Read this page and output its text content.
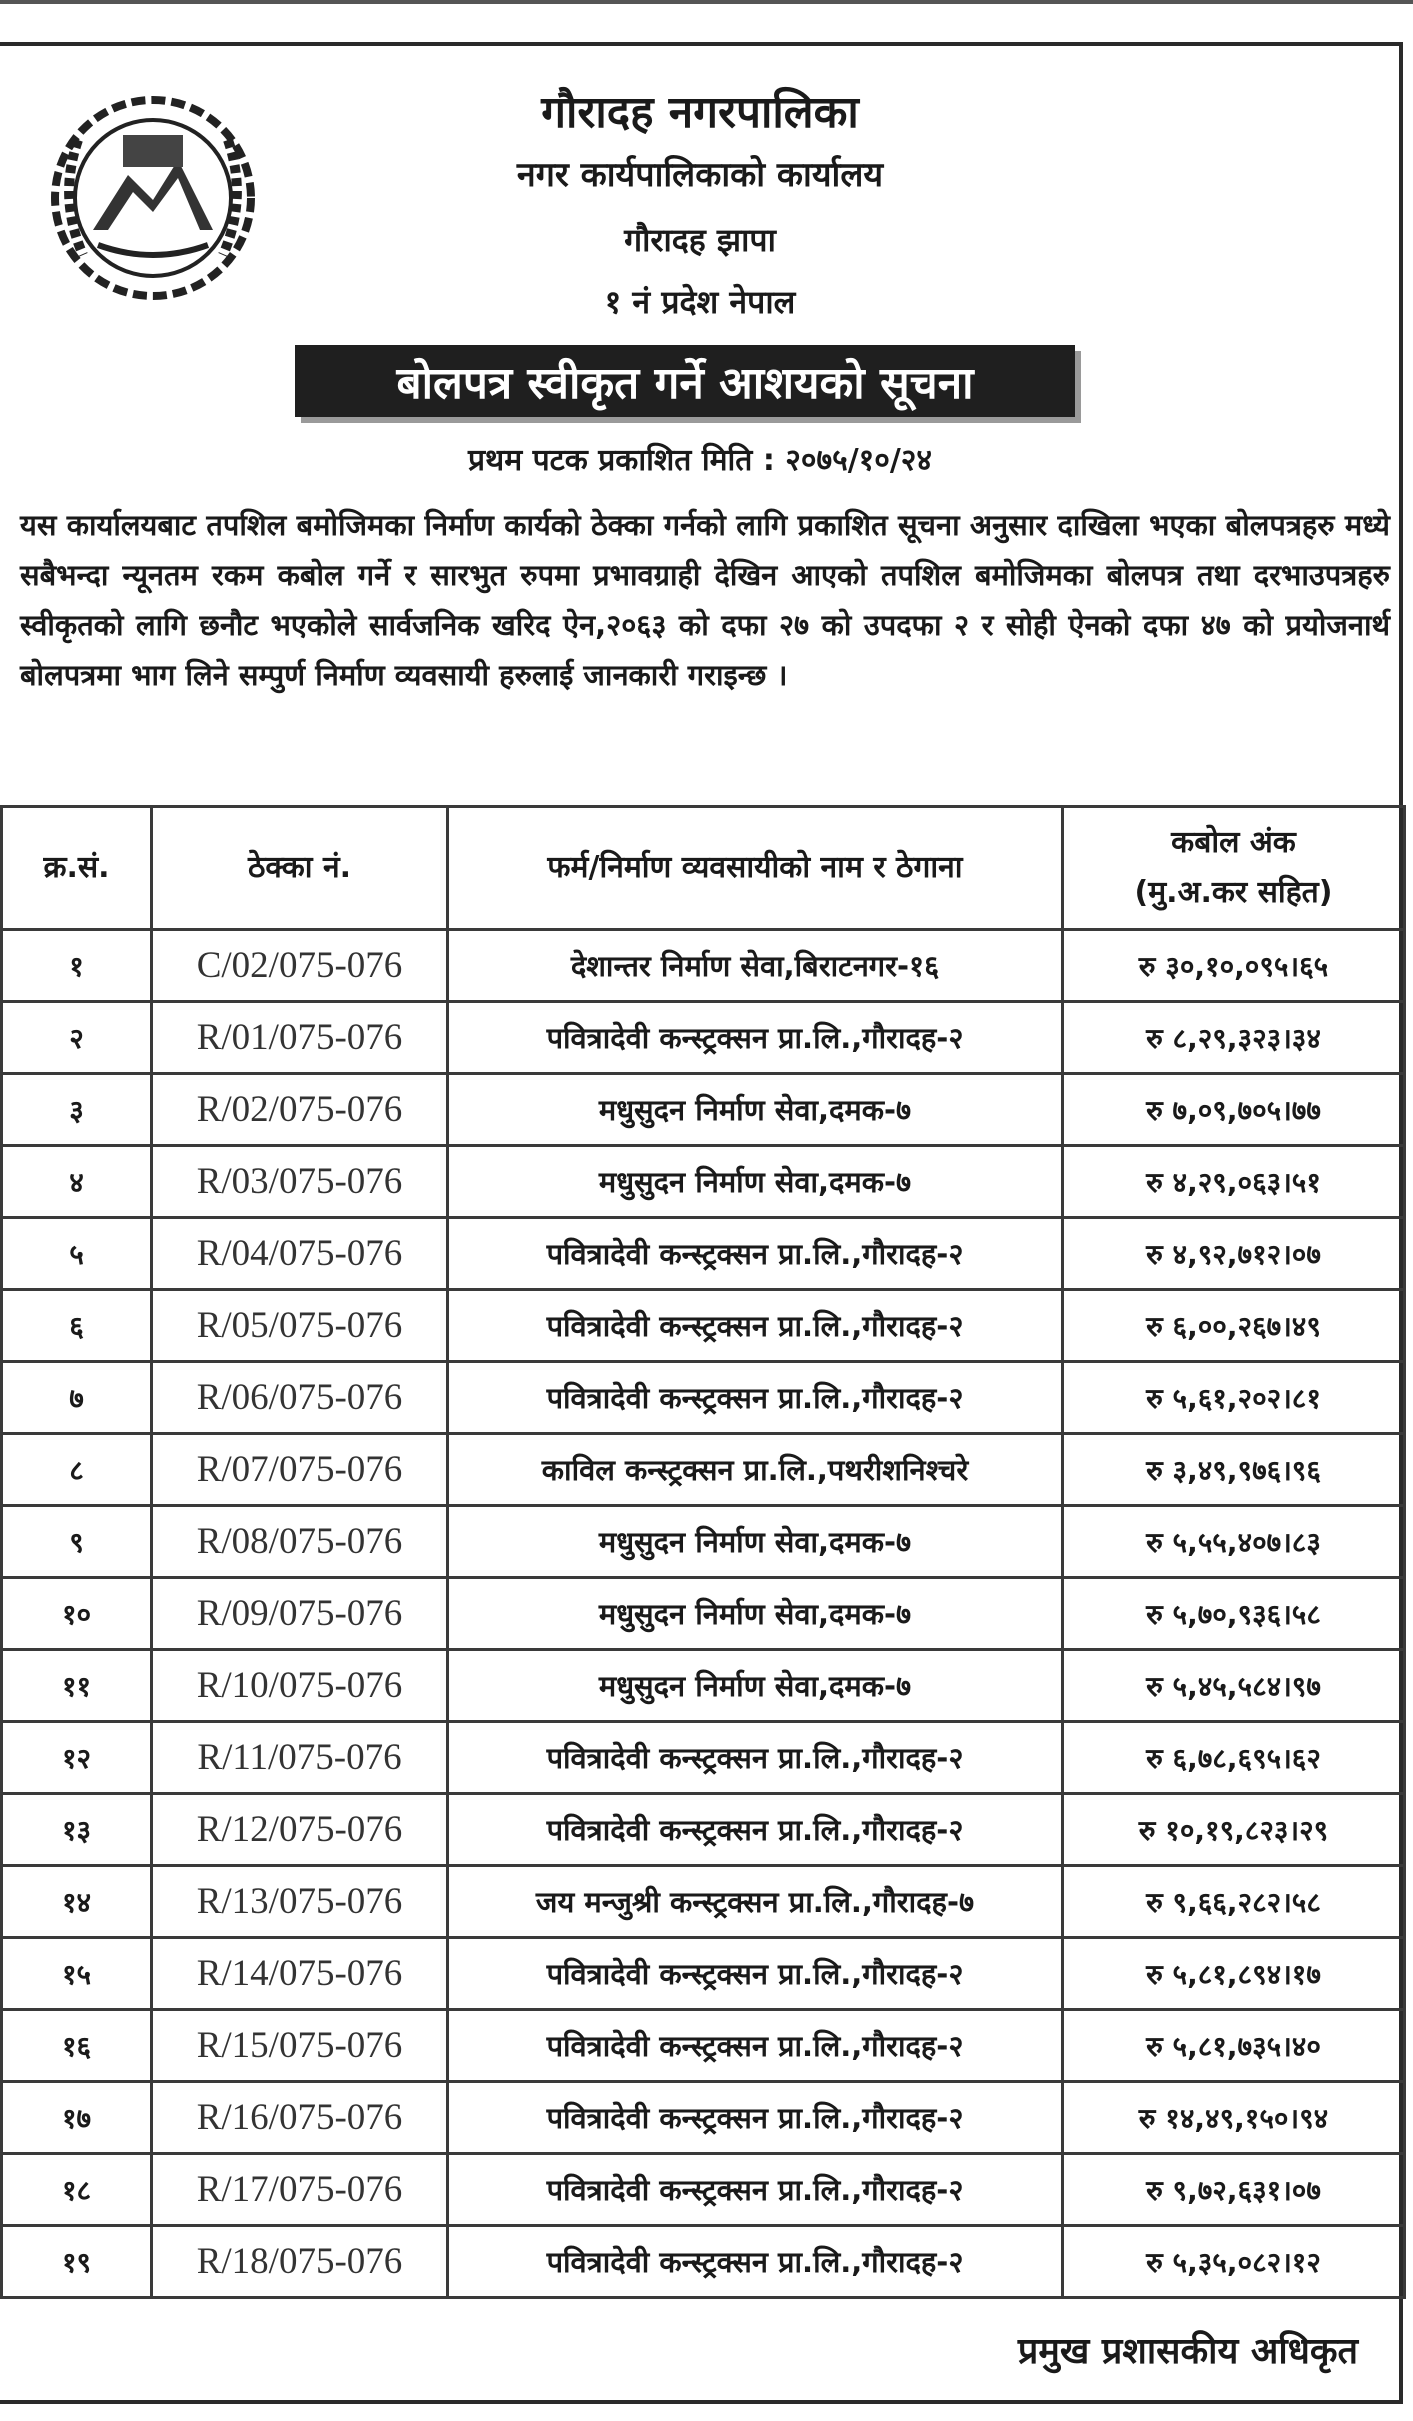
गौरादह नगरपालिका
नगर कार्यपालिकाको कार्यालय
गौरादह झापा
१ नं प्रदेश नेपाल
बोलपत्र स्वीकृत गर्ने आशयको सूचना
प्रथम पटक प्रकाशित मिति : २०७५/१०/२४
यस कार्यालयबाट तपशिल बमोजिमका निर्माण कार्यको ठेक्का गर्नको लागि प्रकाशित सूचना अनुसार दाखिला भएका बोलपत्रहरु मध्ये सबैभन्दा न्यूनतम रकम कबोल गर्ने र सारभुत रुपमा प्रभावग्राही देखिन आएको तपशिल बमोजिमका बोलपत्र तथा दरभाउपत्रहरु स्वीकृतको लागि छनौट भएकोले सार्वजनिक खरिद ऐन,२०६३ को दफा २७ को उपदफा २ र सोही ऐनको दफा ४७ को प्रयोजनार्थ बोलपत्रमा भाग लिने सम्पुर्ण निर्माण व्यवसायी हरुलाई जानकारी गराइन्छ ।
क्र.सं.	ठेक्का नं.	फर्म/निर्माण व्यवसायीको नाम र ठेगाना	कबोल अंक
(मु.अ.कर सहित)

१	C/02/075-076	देशान्तर निर्माण सेवा,बिराटनगर-१६	रु ३०,१०,०९५।६५
२	R/01/075-076	पवित्रादेवी कन्स्ट्रक्सन प्रा.लि.,गौरादह-२	रु ८,२९,३२३।३४
३	R/02/075-076	मधुसुदन निर्माण सेवा,दमक-७	रु ७,०९,७०५।७७
४	R/03/075-076	मधुसुदन निर्माण सेवा,दमक-७	रु ४,२९,०६३।५१
५	R/04/075-076	पवित्रादेवी कन्स्ट्रक्सन प्रा.लि.,गौरादह-२	रु ४,९२,७१२।०७
६	R/05/075-076	पवित्रादेवी कन्स्ट्रक्सन प्रा.लि.,गौरादह-२	रु ६,००,२६७।४९
७	R/06/075-076	पवित्रादेवी कन्स्ट्रक्सन प्रा.लि.,गौरादह-२	रु ५,६१,२०२।८१
८	R/07/075-076	काविल कन्स्ट्रक्सन प्रा.लि.,पथरीशनिश्चरे	रु ३,४९,९७६।९६
९	R/08/075-076	मधुसुदन निर्माण सेवा,दमक-७	रु ५,५५,४०७।८३
१०	R/09/075-076	मधुसुदन निर्माण सेवा,दमक-७	रु ५,७०,९३६।५८
११	R/10/075-076	मधुसुदन निर्माण सेवा,दमक-७	रु ५,४५,५८४।९७
१२	R/11/075-076	पवित्रादेवी कन्स्ट्रक्सन प्रा.लि.,गौरादह-२	रु ६,७८,६९५।६२
१३	R/12/075-076	पवित्रादेवी कन्स्ट्रक्सन प्रा.लि.,गौरादह-२	रु १०,१९,८२३।२९
१४	R/13/075-076	जय मन्जुश्री कन्स्ट्रक्सन प्रा.लि.,गौरादह-७	रु ९,६६,२८२।५८
१५	R/14/075-076	पवित्रादेवी कन्स्ट्रक्सन प्रा.लि.,गौरादह-२	रु ५,८१,८९४।१७
१६	R/15/075-076	पवित्रादेवी कन्स्ट्रक्सन प्रा.लि.,गौरादह-२	रु ५,८१,७३५।४०
१७	R/16/075-076	पवित्रादेवी कन्स्ट्रक्सन प्रा.लि.,गौरादह-२	रु १४,४९,१५०।९४
१८	R/17/075-076	पवित्रादेवी कन्स्ट्रक्सन प्रा.लि.,गौरादह-२	रु ९,७२,६३१।०७
१९	R/18/075-076	पवित्रादेवी कन्स्ट्रक्सन प्रा.लि.,गौरादह-२	रु ५,३५,०८२।१२
प्रमुख प्रशासकीय अधिकृत
